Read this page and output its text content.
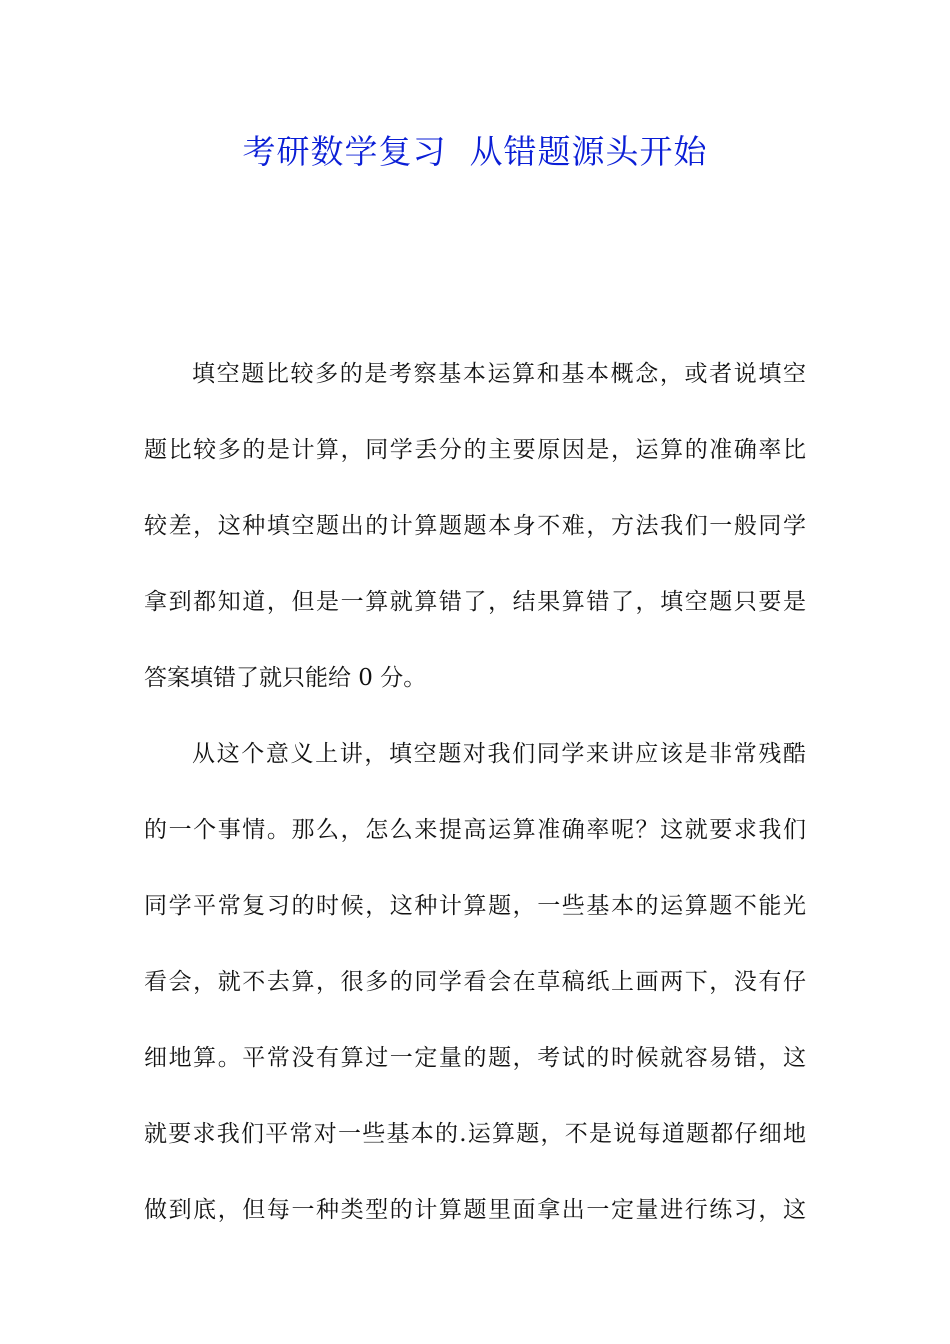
考研数学复习  从错题源头开始
填空题比较多的是考察基本运算和基本概念，或者说填空
题比较多的是计算，同学丢分的主要原因是，运算的准确率比
较差，这种填空题出的计算题题本身不难，方法我们一般同学
拿到都知道，但是一算就算错了，结果算错了，填空题只要是
答案填错了就只能给 0 分。
从这个意义上讲，填空题对我们同学来讲应该是非常残酷
的一个事情。那么，怎么来提高运算准确率呢？这就要求我们
同学平常复习的时候，这种计算题，一些基本的运算题不能光
看会，就不去算，很多的同学看会在草稿纸上画两下，没有仔
细地算。平常没有算过一定量的题，考试的时候就容易错，这
就要求我们平常对一些基本的.运算题，不是说每道题都仔细地
做到底，但每一种类型的计算题里面拿出一定量进行练习，这
